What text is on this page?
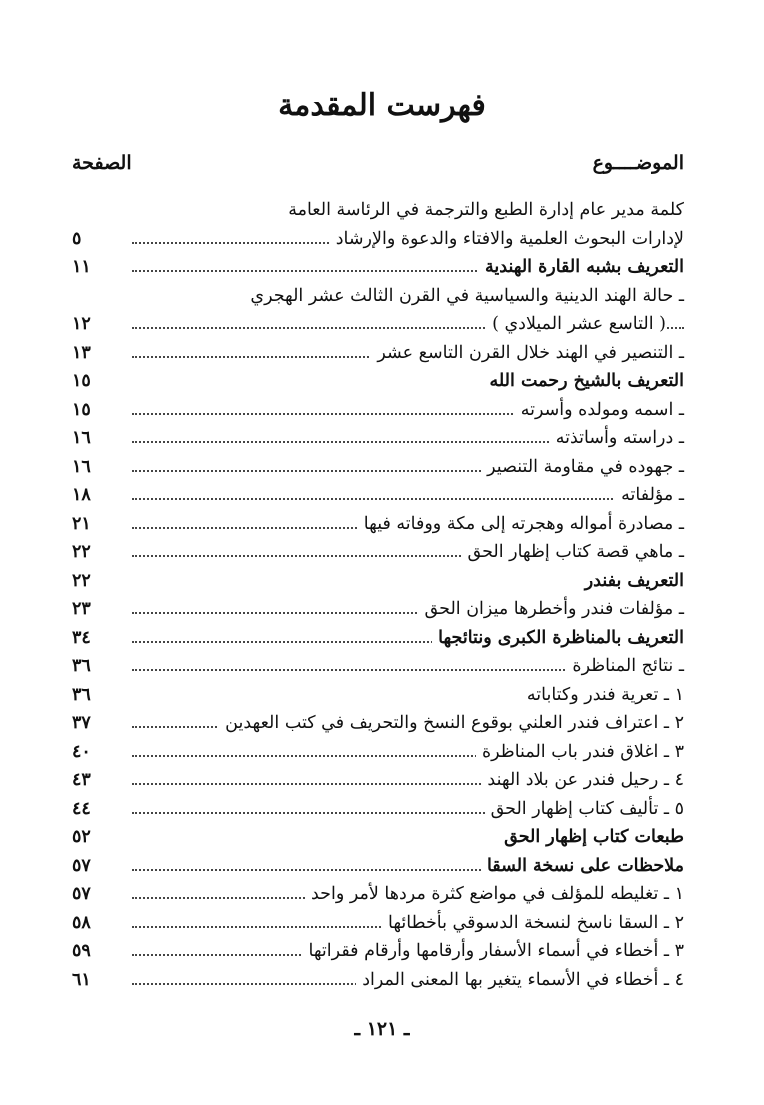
فهرست المقدمة
الموضــــوع
الصفحة
كلمة مدير عام إدارة الطبع والترجمة في الرئاسة العامة
لإدارات البحوث العلمية والافتاء والدعوة والإرشاد
٥
التعريف بشبه القارة الهندية
١١
ـ حالة الهند الدينية والسياسية في القرن الثالث عشر الهجري
( التاسع عشر الميلادي )
١٢
ـ التنصير في الهند خلال القرن التاسع عشر
١٣
التعريف بالشيخ رحمت الله
١٥
ـ اسمه ومولده وأسرته
١٥
ـ دراسته وأساتذته
١٦
ـ جهوده في مقاومة التنصير
١٦
ـ مؤلفاته
١٨
ـ مصادرة أمواله وهجرته إلى مكة ووفاته فيها
٢١
ـ ماهي قصة كتاب إظهار الحق
٢٢
التعريف بفندر
٢٢
ـ مؤلفات فندر وأخطرها ميزان الحق
٢٣
التعريف بالمناظرة الكبرى ونتائجها
٣٤
ـ نتائج المناظرة
٣٦
١ ـ تعرية فندر وكتاباته
٣٦
٢ ـ اعتراف فندر العلني بوقوع النسخ والتحريف في كتب العهدين
٣٧
٣ ـ اغلاق فندر باب المناظرة
٤٠
٤ ـ رحيل فندر عن بلاد الهند
٤٣
٥ ـ تأليف كتاب إظهار الحق
٤٤
طبعات كتاب إظهار الحق
٥٢
ملاحظات على نسخة السقا
٥٧
١ ـ تغليطه للمؤلف في مواضع كثرة مردها لأمر واحد
٥٧
٢ ـ السقا ناسخ لنسخة الدسوقي بأخطائها
٥٨
٣ ـ أخطاء في أسماء الأسفار وأرقامها وأرقام فقراتها
٥٩
٤ ـ أخطاء في الأسماء يتغير بها المعنى المراد
٦١
ـ ١٢١ ـ
